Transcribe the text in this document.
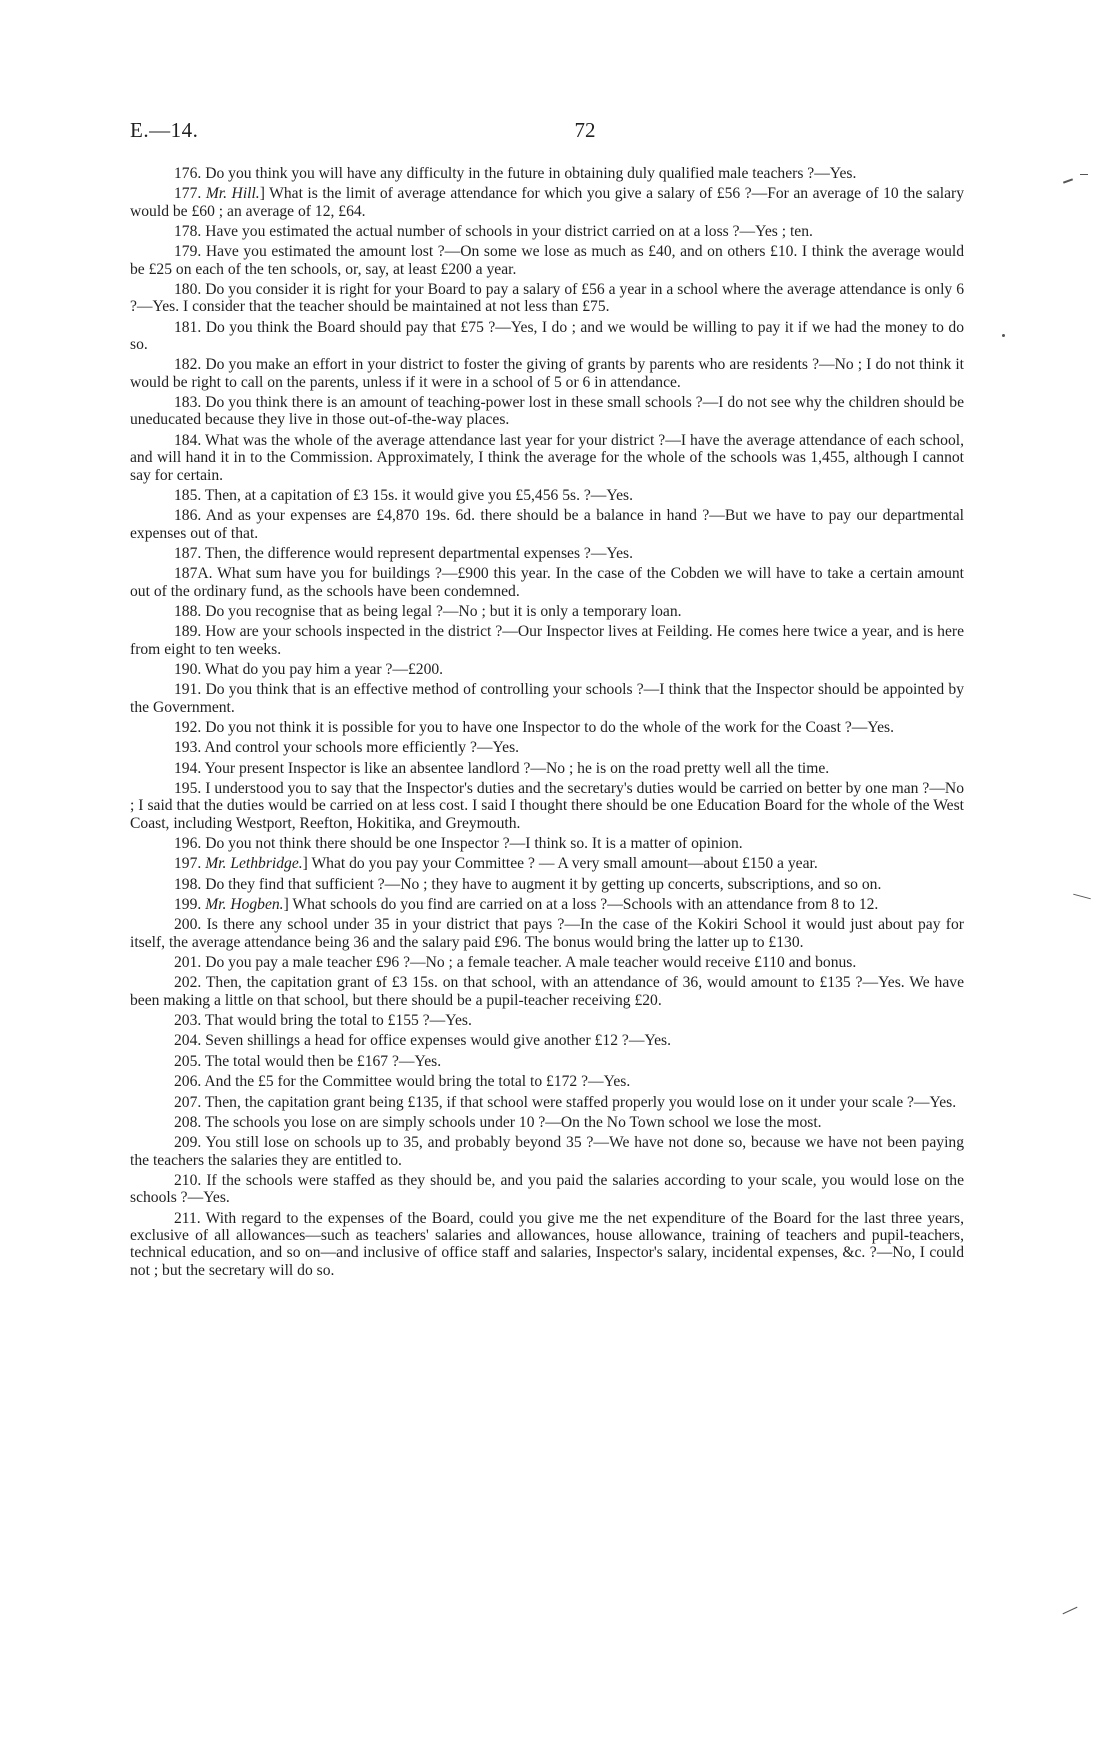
E.—14.	72

176. Do you think you will have any difficulty in the future in obtaining duly qualified male teachers ?—Yes.

177. Mr. Hill.] What is the limit of average attendance for which you give a salary of £56 ?—For an average of 10 the salary would be £60 ; an average of 12, £64.

178. Have you estimated the actual number of schools in your district carried on at a loss ?—Yes ; ten.

179. Have you estimated the amount lost ?—On some we lose as much as £40, and on others £10. I think the average would be £25 on each of the ten schools, or, say, at least £200 a year.

180. Do you consider it is right for your Board to pay a salary of £56 a year in a school where the average attendance is only 6 ?—Yes. I consider that the teacher should be maintained at not less than £75.

181. Do you think the Board should pay that £75 ?—Yes, I do ; and we would be willing to pay it if we had the money to do so.

182. Do you make an effort in your district to foster the giving of grants by parents who are residents ?—No ; I do not think it would be right to call on the parents, unless if it were in a school of 5 or 6 in attendance.

183. Do you think there is an amount of teaching-power lost in these small schools ?—I do not see why the children should be uneducated because they live in those out-of-the-way places.

184. What was the whole of the average attendance last year for your district ?—I have the average attendance of each school, and will hand it in to the Commission. Approximately, I think the average for the whole of the schools was 1,455, although I cannot say for certain.

185. Then, at a capitation of £3 15s. it would give you £5,456 5s. ?—Yes.

186. And as your expenses are £4,870 19s. 6d. there should be a balance in hand ?—But we have to pay our departmental expenses out of that.

187. Then, the difference would represent departmental expenses ?—Yes.

187A. What sum have you for buildings ?—£900 this year. In the case of the Cobden we will have to take a certain amount out of the ordinary fund, as the schools have been condemned.

188. Do you recognise that as being legal ?—No ; but it is only a temporary loan.

189. How are your schools inspected in the district ?—Our Inspector lives at Feilding. He comes here twice a year, and is here from eight to ten weeks.

190. What do you pay him a year ?—£200.

191. Do you think that is an effective method of controlling your schools ?—I think that the Inspector should be appointed by the Government.

192. Do you not think it is possible for you to have one Inspector to do the whole of the work for the Coast ?—Yes.

193. And control your schools more efficiently ?—Yes.

194. Your present Inspector is like an absentee landlord ?—No ; he is on the road pretty well all the time.

195. I understood you to say that the Inspector's duties and the secretary's duties would be carried on better by one man ?—No ; I said that the duties would be carried on at less cost. I said I thought there should be one Education Board for the whole of the West Coast, including Westport, Reefton, Hokitika, and Greymouth.

196. Do you not think there should be one Inspector ?—I think so. It is a matter of opinion.

197. Mr. Lethbridge.] What do you pay your Committee ? — A very small amount—about £150 a year.

198. Do they find that sufficient ?—No ; they have to augment it by getting up concerts, subscriptions, and so on.

199. Mr. Hogben.] What schools do you find are carried on at a loss ?—Schools with an attendance from 8 to 12.

200. Is there any school under 35 in your district that pays ?—In the case of the Kokiri School it would just about pay for itself, the average attendance being 36 and the salary paid £96. The bonus would bring the latter up to £130.

201. Do you pay a male teacher £96 ?—No ; a female teacher. A male teacher would receive £110 and bonus.

202. Then, the capitation grant of £3 15s. on that school, with an attendance of 36, would amount to £135 ?—Yes. We have been making a little on that school, but there should be a pupil-teacher receiving £20.

203. That would bring the total to £155 ?—Yes.

204. Seven shillings a head for office expenses would give another £12 ?—Yes.

205. The total would then be £167 ?—Yes.

206. And the £5 for the Committee would bring the total to £172 ?—Yes.

207. Then, the capitation grant being £135, if that school were staffed properly you would lose on it under your scale ?—Yes.

208. The schools you lose on are simply schools under 10 ?—On the No Town school we lose the most.

209. You still lose on schools up to 35, and probably beyond 35 ?—We have not done so, because we have not been paying the teachers the salaries they are entitled to.

210. If the schools were staffed as they should be, and you paid the salaries according to your scale, you would lose on the schools ?—Yes.

211. With regard to the expenses of the Board, could you give me the net expenditure of the Board for the last three years, exclusive of all allowances—such as teachers' salaries and allowances, house allowance, training of teachers and pupil-teachers, technical education, and so on—and inclusive of office staff and salaries, Inspector's salary, incidental expenses, &c. ?—No, I could not ; but the secretary will do so.
